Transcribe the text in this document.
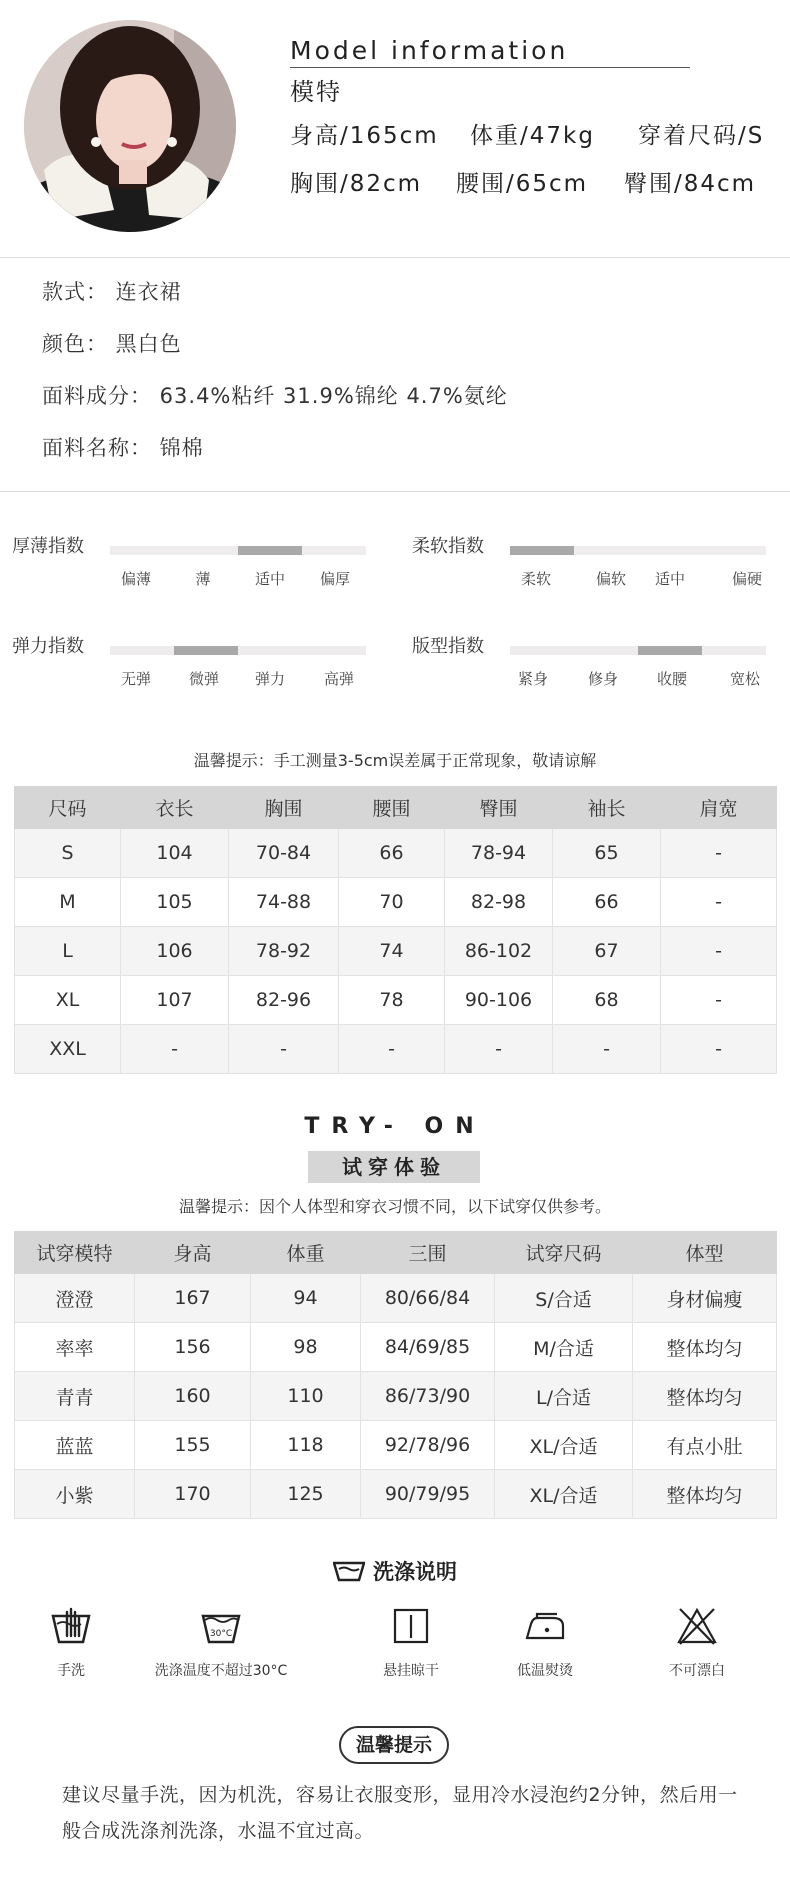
Model information
模特
身高/165cm 体重/47kg 穿着尺码/S
胸围/82cm 腰围/65cm 臀围/84cm
款式： 连衣裙
颜色： 黑白色
面料成分： 63.4%粘纤 31.9%锦纶 4.7%氨纶
面料名称： 锦棉
厚薄指数
偏薄	薄	适中 偏厚
柔软指数
柔软	偏软 适中	偏硬
弹力指数
无弹	微弹 弹力	高弹
版型指数
紧身	修身	收腰	宽松
温馨提示：手工测量3-5cm误差属于正常现象，敬请谅解
尺码	衣长	胸围	腰围	臀围	袖长	肩宽
S	104	70-84	66	78-94	65	-
M	105	74-88	70	82-98	66	-
L	106	78-92	74	86-102	67	-
XL	107	82-96	78	90-106	68	-
XXL	-	-	-	-	-	-
TRY- ON
试穿体验
温馨提示：因个人体型和穿衣习惯不同，以下试穿仅供参考。
试穿模特	身高	体重	三围	试穿尺码	体型
澄澄	167	94	80/66/84	S/合适	身材偏瘦
率率	156	98	84/69/85	M/合适	整体均匀
青青	160	110	86/73/90	L/合适	整体均匀
蓝蓝	155	118	92/78/96	XL/合适	有点小肚
小紫	170	125	90/79/95	XL/合适	整体均匀
洗涤说明
手洗
30°C
洗涤温度不超过30°C	悬挂晾干	低温熨烫	不可漂白
温馨提示
建议尽量手洗，因为机洗，容易让衣服变形，显用冷水浸泡约2分钟，然后用一般合成洗涤剂洗涤，水温不宜过高。
